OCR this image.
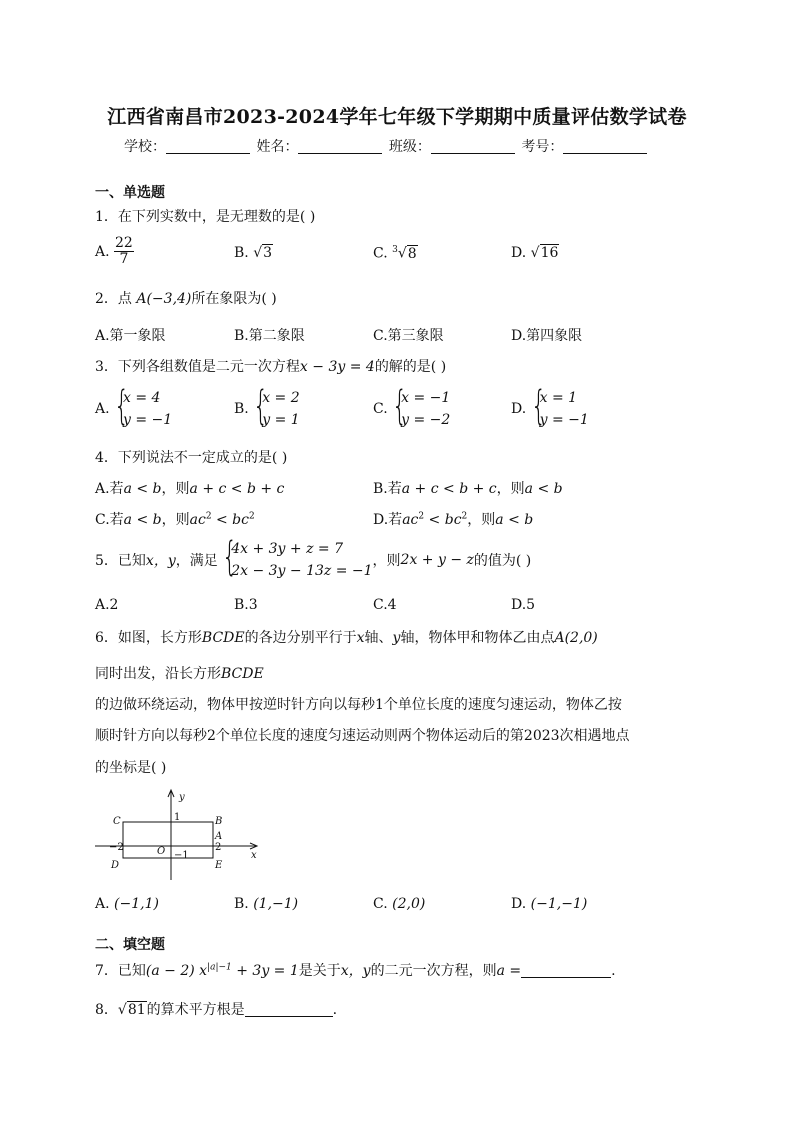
江西省南昌市2023-2024学年七年级下学期期中质量评估数学试卷
学校：	姓名：	班级：	考号：
一、单选题
1．在下列实数中，是无理数的是( )
A. $\frac{22}{7}$	B. √3	C. $^3$√8	D. √16
2．点 A(−3,4)所在象限为( )
A.第一象限	B.第二象限	C.第三象限	D.第四象限
3．下列各组数值是二元一次方程x − 3y = 4的解的是( )
A. {
x = 4
y = −1
B. {
x = 2
y = 1
C. {
x = −1
y = −2
D. {
x = 1
y = −1
4．下列说法不一定成立的是( )
A.若a < b，则a + c < b + c	B.若a + c < b + c，则a < b
C.若a < b，则$ac^2 < bc^2$	D.若$ac^2 < bc^2$，则a < b
5．已知x，y，满足 {
4x + 3y + z = 7
2x − 3y − 13z = −1
，则2x + y − z的值为( )
A.2	B.3	C.4	D.5
6．如图，长方形BCDE的各边分别平行于x轴、y轴，物体甲和物体乙由点A(2,0)
同时出发，沿长方形BCDE
的边做环绕运动，物体甲按逆时针方向以每秒1个单位长度的速度匀速运动，物体乙按
顺时针方向以每秒2个单位长度的速度匀速运动则两个物体运动后的第2023次相遇地点
的坐标是( )
y
x
O
C	B
A
D	E
1
−1
−2	2
A. (−1,1)	B. (1,−1)	C. (2,0)	D. (−1,−1)
二、填空题
7．已知(a − 2) $x^{|a|-1} + 3y = 1$是关于x，y的二元一次方程，则a =	.
8．√81的算术平方根是	.
